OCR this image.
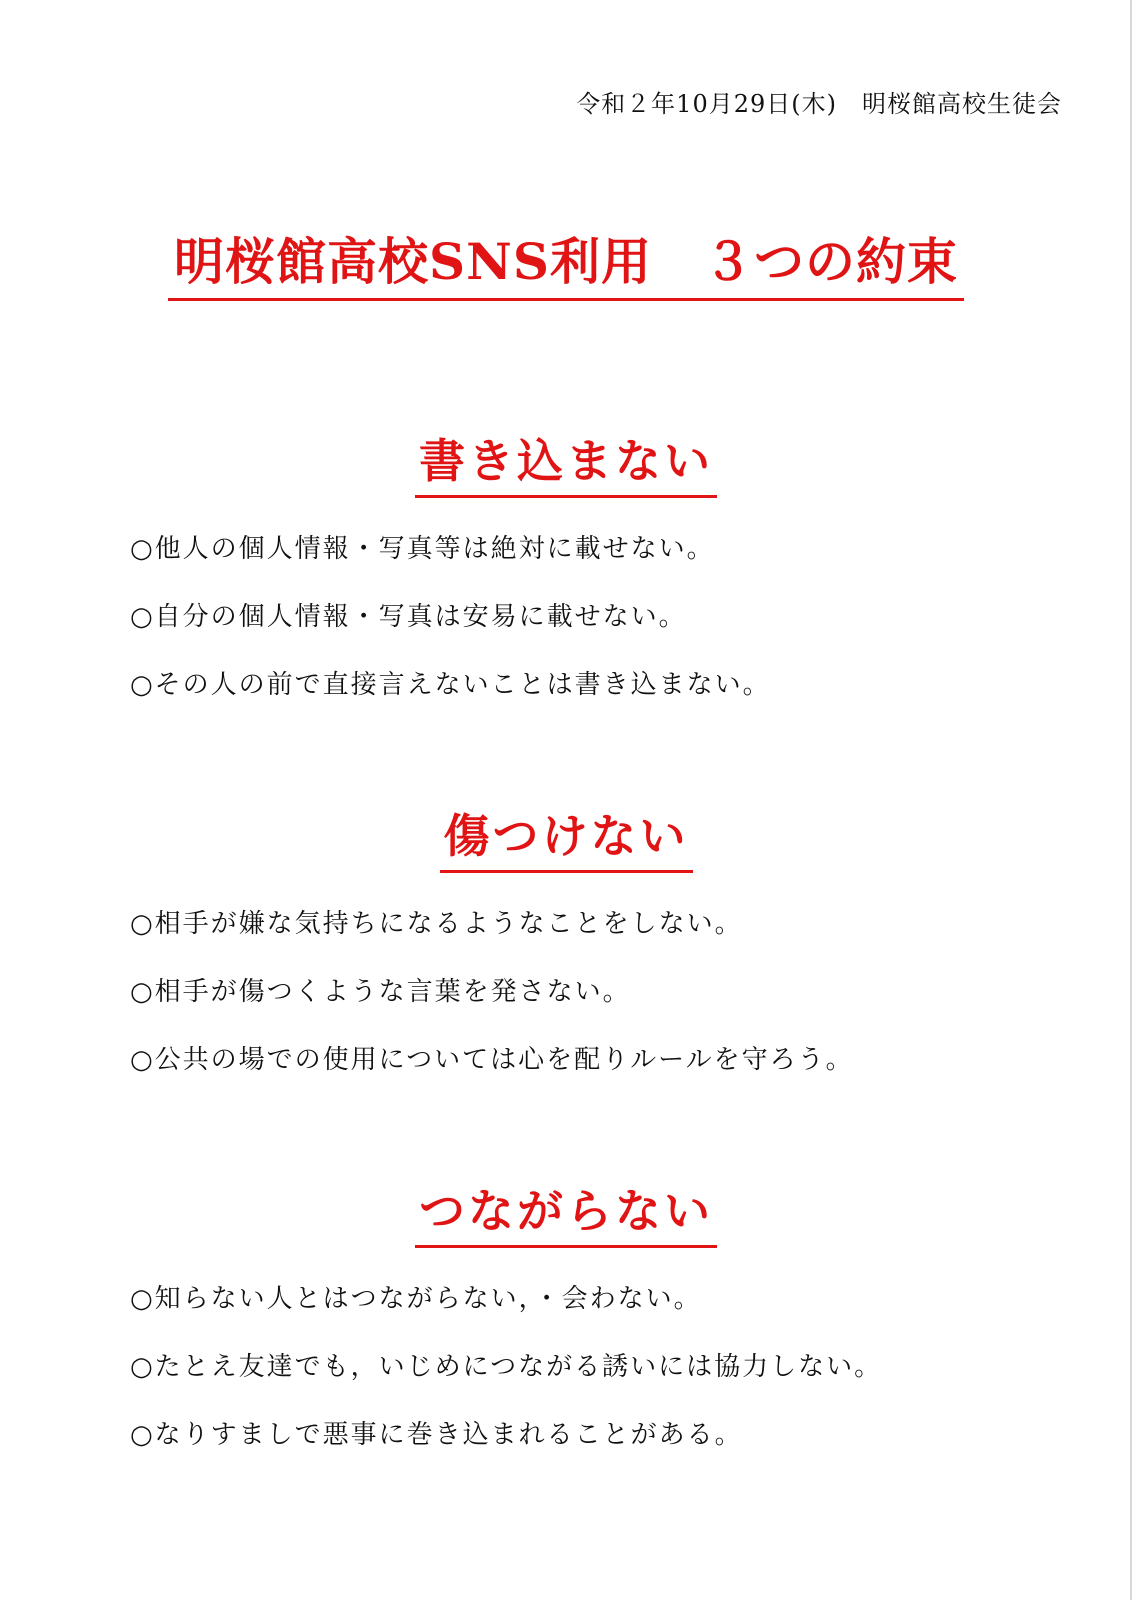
令和２年10月29日(木)　明桜館高校生徒会
明桜館高校SNS利用　３つの約束
書き込まない
○他人の個人情報・写真等は絶対に載せない。
○自分の個人情報・写真は安易に載せない。
○その人の前で直接言えないことは書き込まない。
傷つけない
○相手が嫌な気持ちになるようなことをしない。
○相手が傷つくような言葉を発さない。
○公共の場での使用については心を配りルールを守ろう。
つながらない
○知らない人とはつながらない，・会わない。
○たとえ友達でも，いじめにつながる誘いには協力しない。
○なりすましで悪事に巻き込まれることがある。
